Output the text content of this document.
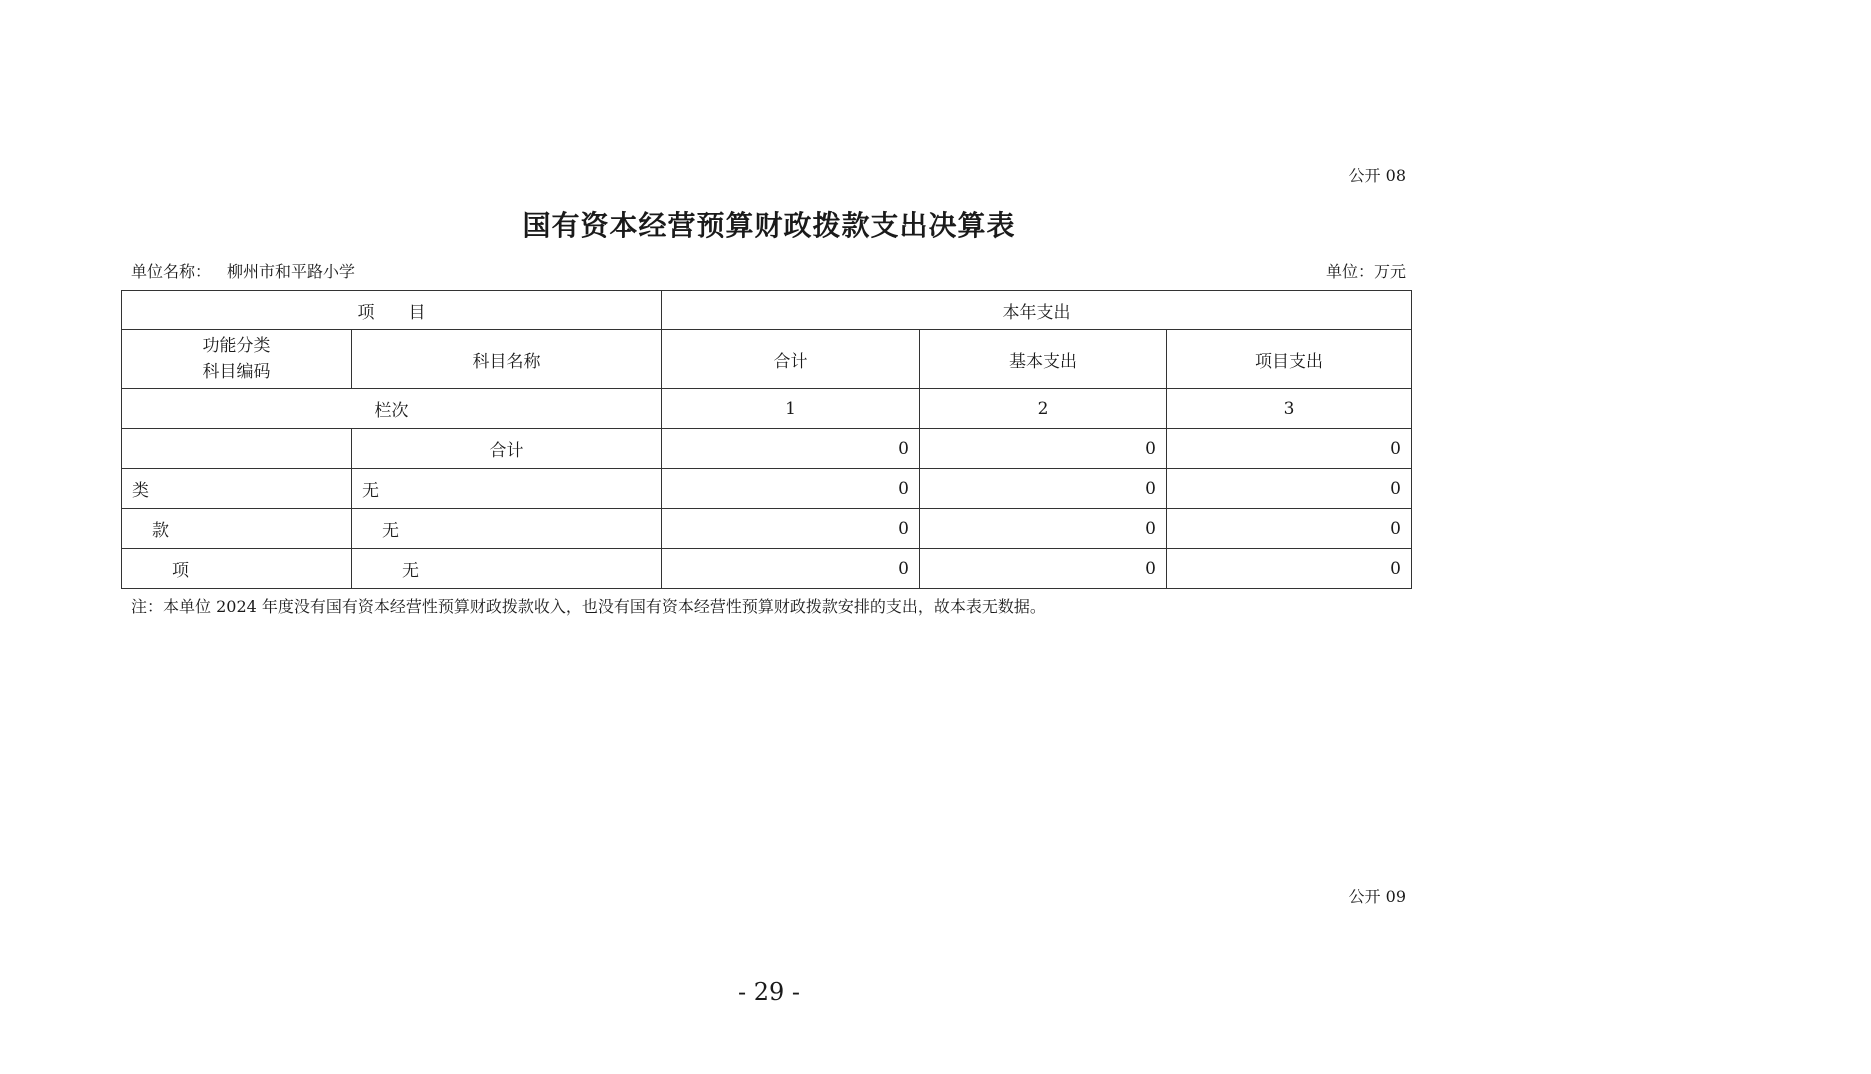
公开 08
国有资本经营预算财政拨款支出决算表
单位名称： 柳州市和平路小学	单位：万元
项　　目		本年支出		

功能分类
科目编码	科目名称	合计	基本支出	项目支出
栏次		1	2	3
	合计	0	0	0
类	无	0	0	0
款	无	0	0	0
项	无	0	0	0
注：本单位 2024 年度没有国有资本经营性预算财政拨款收入，也没有国有资本经营性预算财政拨款安排的支出，故本表无数据。
公开 09
- 29 -
